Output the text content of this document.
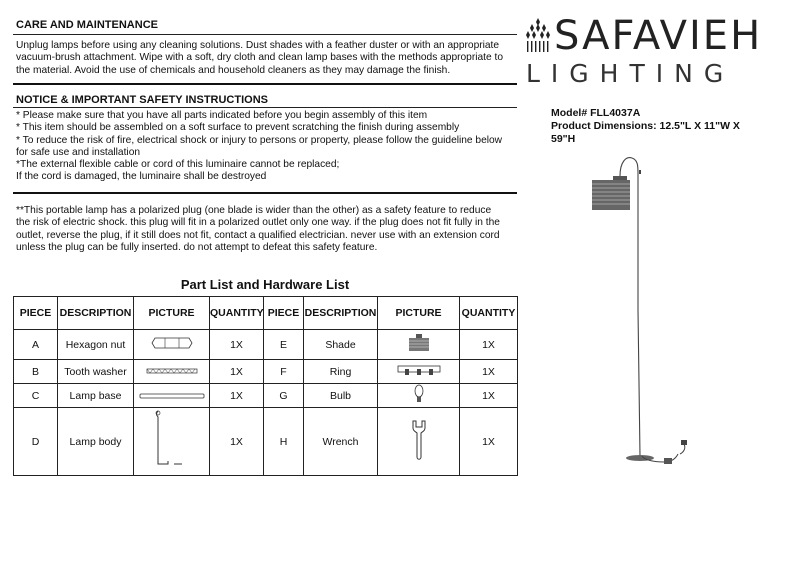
CARE AND MAINTENANCE
Unplug lamps before using any cleaning solutions. Dust shades with a feather duster or with an appropriate
vacuum-brush attachment. Wipe with a soft, dry cloth and clean lamp bases with the methods appropriate to
the material. Avoid the use of chemicals and household cleaners as they may damage the finish.
NOTICE & IMPORTANT SAFETY INSTRUCTIONS
* Please make sure that you have all parts indicated before you begin assembly of this item
* This item should be assembled on a soft surface to prevent scratching the finish during assembly
* To reduce the risk of fire, electrical shock or injury to persons or property, please follow the guideline below
for safe use and installation
*The external flexible cable or cord of this luminaire cannot be replaced;
If the cord is damaged, the luminaire shall be destroyed
**This portable lamp has a polarized plug (one blade is wider than the other) as a safety feature to reduce
the risk of electric shock. this plug will fit in a polarized outlet only one way. if the plug does not fit fully in the
outlet, reverse the plug, if it still does not fit, contact a qualified electrician. never use with an extension cord
unless the plug can be fully inserted. do not attempt to defeat this safety feature.
Part List and Hardware List
PIECE	DESCRIPTION	PICTURE	QUANTITY	PIECE	DESCRIPTION	PICTURE	QUANTITY
A	Hexagon nut		1X	E	Shade		1X
B	Tooth washer		1X	F	Ring		1X
C	Lamp base		1X	G	Bulb		1X
D	Lamp body		1X	H	Wrench		1X
SAFAVIEH
LIGHTING
Model# FLL4037A
Product Dimensions: 12.5"L X 11"W X
59"H
